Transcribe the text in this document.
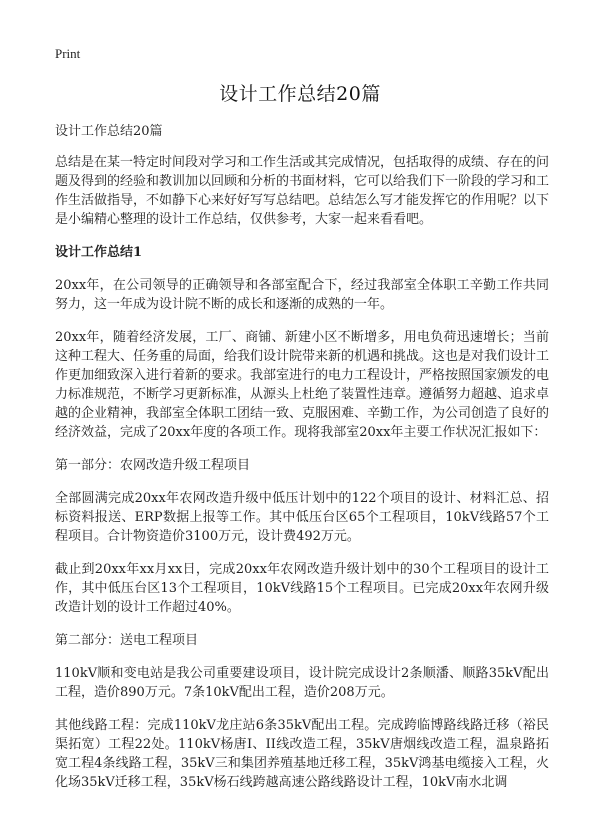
Print
设计工作总结20篇

设计工作总结20篇

总结是在某一特定时间段对学习和工作生活或其完成情况，包括取得的成绩、存在的问题及得到的经验和教训加以回顾和分析的书面材料，它可以给我们下一阶段的学习和工作生活做指导，不如静下心来好好写写总结吧。总结怎么写才能发挥它的作用呢？以下是小编精心整理的设计工作总结，仅供参考，大家一起来看看吧。

设计工作总结1

20xx年，在公司领导的正确领导和各部室配合下，经过我部室全体职工辛勤工作共同努力，这一年成为设计院不断的成长和逐渐的成熟的一年。

20xx年，随着经济发展，工厂、商铺、新建小区不断增多，用电负荷迅速增长；当前这种工程大、任务重的局面，给我们设计院带来新的机遇和挑战。这也是对我们设计工作更加细致深入进行着新的要求。我部室进行的电力工程设计，严格按照国家颁发的电力标准规范，不断学习更新标准，从源头上杜绝了装置性违章。遵循努力超越、追求卓越的企业精神，我部室全体职工团结一致、克服困难、辛勤工作，为公司创造了良好的经济效益，完成了20xx年度的各项工作。现将我部室20xx年主要工作状况汇报如下：

第一部分：农网改造升级工程项目

全部圆满完成20xx年农网改造升级中低压计划中的122个项目的设计、材料汇总、招标资料报送、ERP数据上报等工作。其中低压台区65个工程项目，10kV线路57个工程项目。合计物资造价3100万元，设计费492万元。

截止到20xx年xx月xx日，完成20xx年农网改造升级计划中的30个工程项目的设计工作，其中低压台区13个工程项目，10kV线路15个工程项目。已完成20xx年农网升级改造计划的设计工作超过40%。

第二部分：送电工程项目

110kV顺和变电站是我公司重要建设项目，设计院完成设计2条顺潘、顺路35kV配出工程，造价890万元。7条10kV配出工程，造价208万元。

其他线路工程：完成110kV龙庄站6条35kV配出工程。完成跨临博路线路迁移（裕民渠拓宽）工程22处。110kV杨唐I、II线改造工程，35kV唐烟线改造工程，温泉路拓宽工程4条线路工程，35kV三和集团养殖基地迁移工程，35kV鸿基电缆接入工程，火化场35kV迁移工程，35kV杨石线跨越高速公路线路设计工程，10kV南水北调
